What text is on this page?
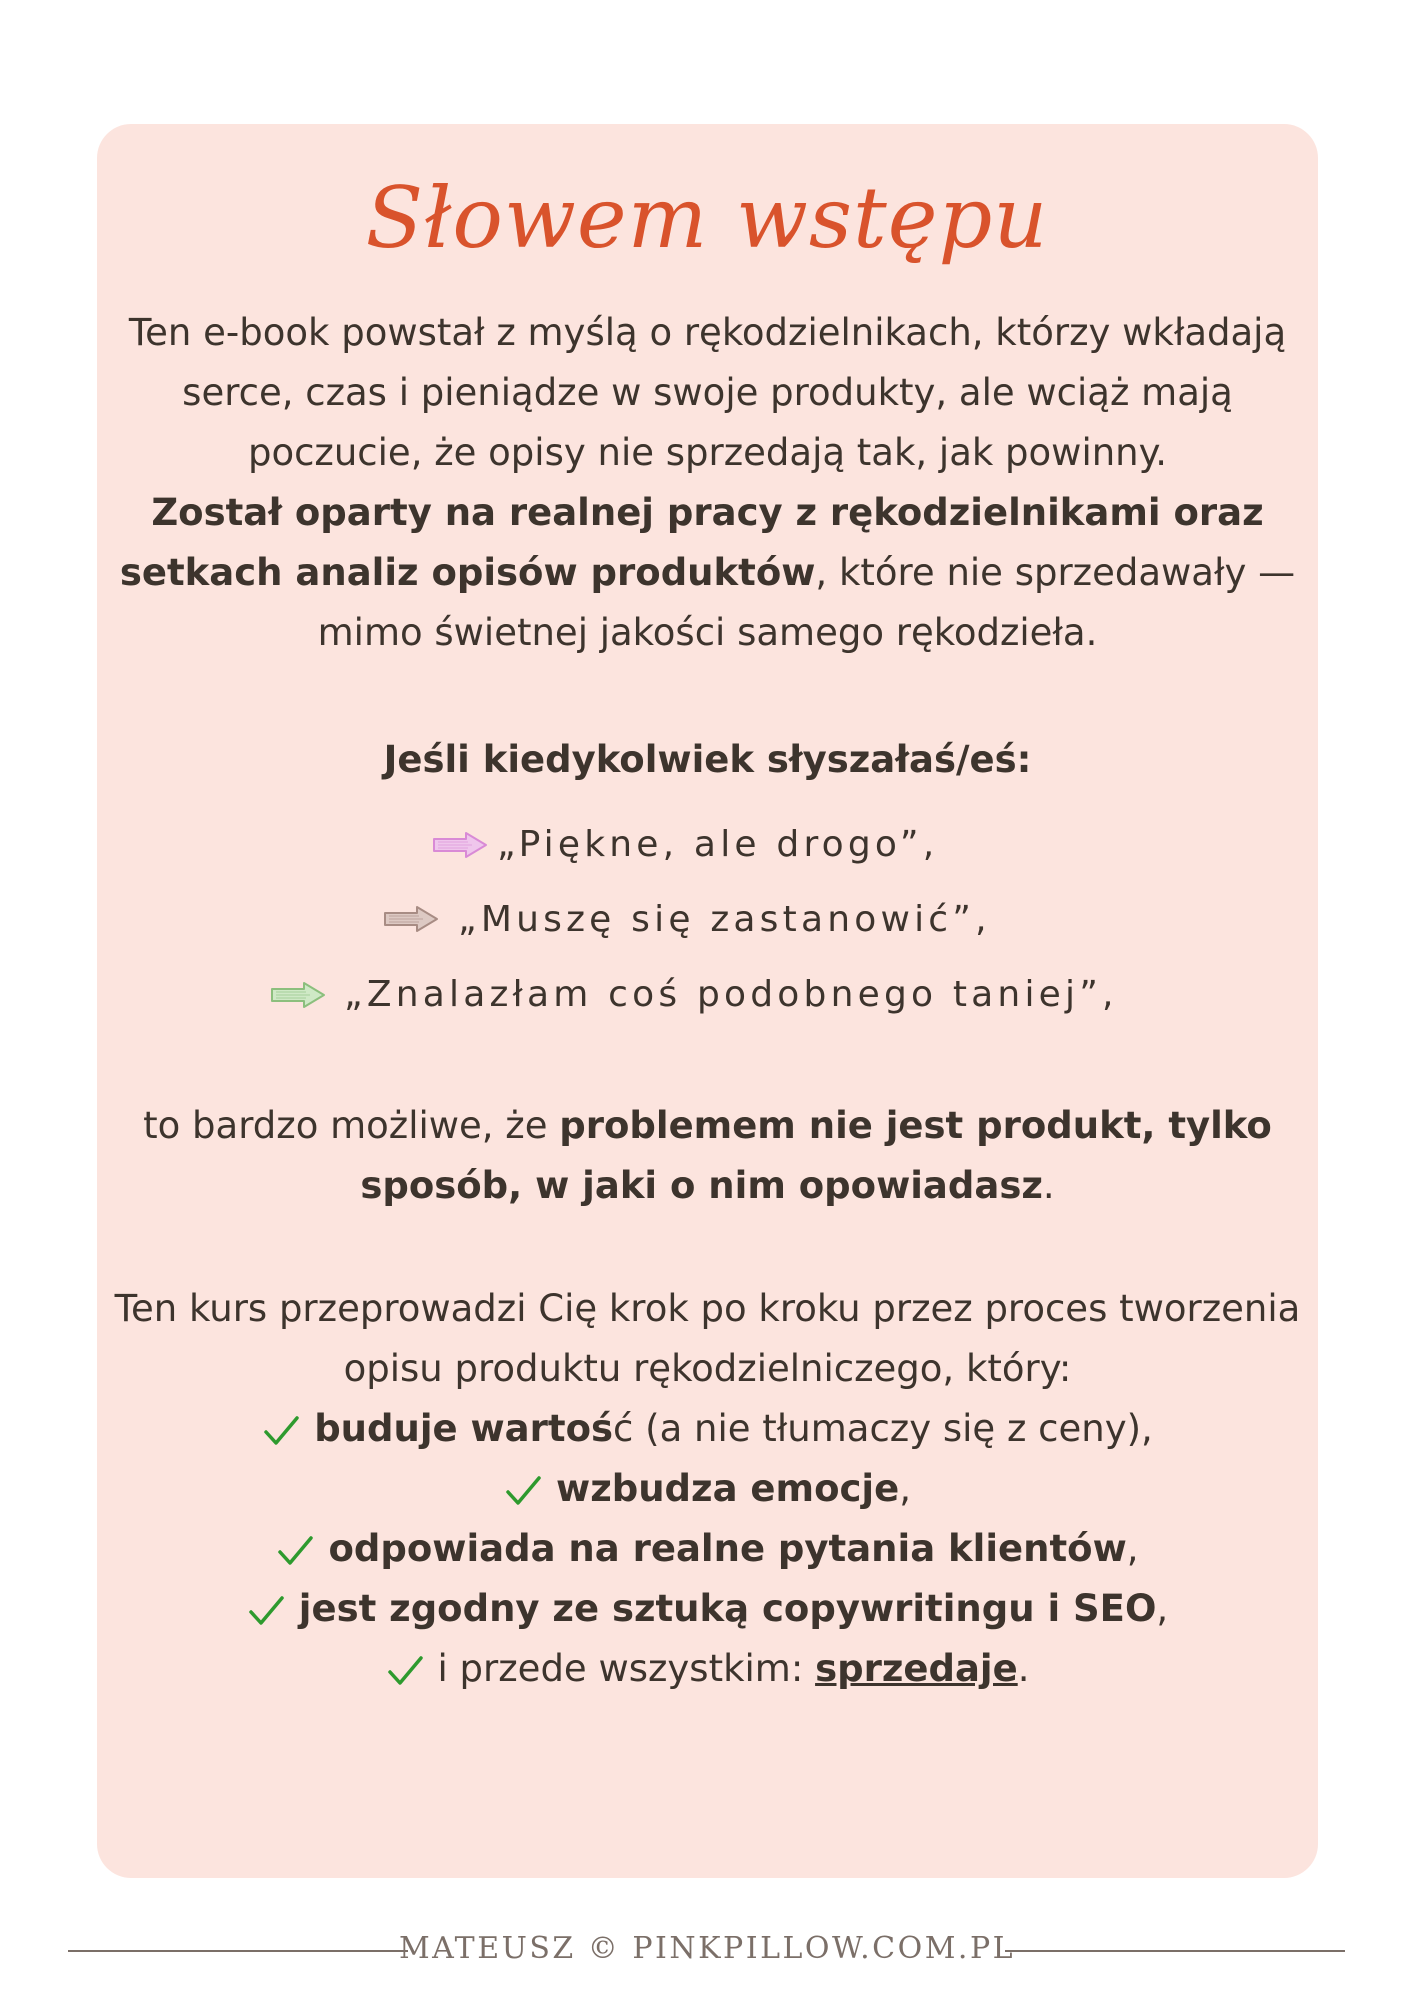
Słowem wstępu
Ten e-book powstał z myślą o rękodzielnikach, którzy wkładają
serce, czas i pieniądze w swoje produkty, ale wciąż mają
poczucie, że opisy nie sprzedają tak, jak powinny.
Został oparty na realnej pracy z rękodzielnikami oraz
setkach analiz opisów produktów, które nie sprzedawały —
mimo świetnej jakości samego rękodzieła.
Jeśli kiedykolwiek słyszałaś/eś:
„Piękne, ale drogo”,
„Muszę się zastanowić”,
„Znalazłam coś podobnego taniej”,
to bardzo możliwe, że problemem nie jest produkt, tylko
sposób, w jaki o nim opowiadasz.
Ten kurs przeprowadzi Cię krok po kroku przez proces tworzenia
opisu produktu rękodzielniczego, który:
buduje wartość (a nie tłumaczy się z ceny),
wzbudza emocje,
odpowiada na realne pytania klientów,
jest zgodny ze sztuką copywritingu i SEO,
i przede wszystkim: sprzedaje.
MATEUSZ © PINKPILLOW.COM.PL
